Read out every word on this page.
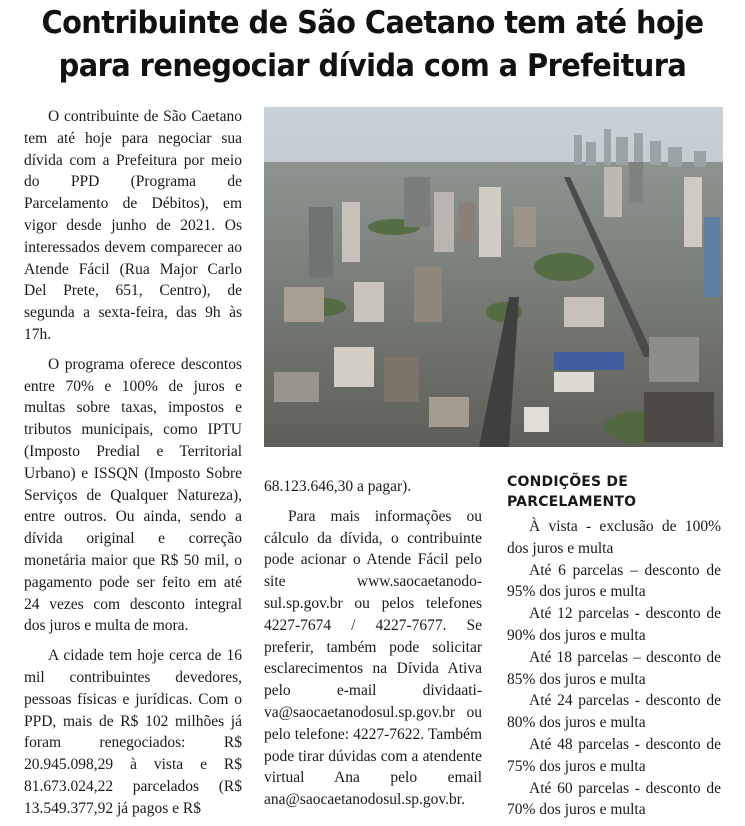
Contribuinte de São Caetano tem até hoje
para renegociar dívida com a Prefeitura

O contribuinte de São Caetano tem até hoje para negociar sua dívida com a Prefeitura por meio do PPD (Programa de Parcelamento de Débitos), em vigor desde junho de 2021. Os interessados devem comparecer ao Atende Fácil (Rua Major Carlo Del Prete, 651, Centro), de segunda a sexta-feira, das 9h às 17h.

O programa oferece descontos entre 70% e 100% de juros e multas sobre taxas, impostos e tributos municipais, como IPTU (Imposto Predial e Territorial Urbano) e ISSQN (Imposto Sobre Serviços de Qualquer Natureza), entre outros. Ou ainda, sendo a dívida original e correção monetária maior que R$ 50 mil, o pagamento pode ser feito em até 24 vezes com desconto integral dos juros e multa de mora.

A cidade tem hoje cerca de 16 mil contribuintes devedores, pessoas físicas e jurídicas. Com o PPD, mais de R$ 102 milhões já foram renegociados: R$ 20.945.098,29 à vista e R$ 81.673.024,22 parcelados (R$ 13.549.377,92 já pagos e R$

68.123.646,30 a pagar).

Para mais informações ou cálculo da dívida, o contribuinte pode acionar o Atende Fácil pelo site www.saocaetanodosul.sp.gov.br ou pelos telefones 4227-7674 / 4227-7677. Se preferir, também pode solicitar esclarecimentos na Dívida Ativa pelo e-mail dividaativa@saocaetanodosul.sp.gov.br ou pelo telefone: 4227-7622. Também pode tirar dúvidas com a atendente virtual Ana pelo email ana@saocaetanodosul.sp.gov.br.

CONDIÇÕES DE
PARCELAMENTO

À vista - exclusão de 100% dos juros e multa

Até 6 parcelas – desconto de 95% dos juros e multa

Até 12 parcelas - desconto de 90% dos juros e multa

Até 18 parcelas – desconto de 85% dos juros e multa

Até 24 parcelas - desconto de 80% dos juros e multa

Até 48 parcelas - desconto de 75% dos juros e multa

Até 60 parcelas - desconto de 70% dos juros e multa
